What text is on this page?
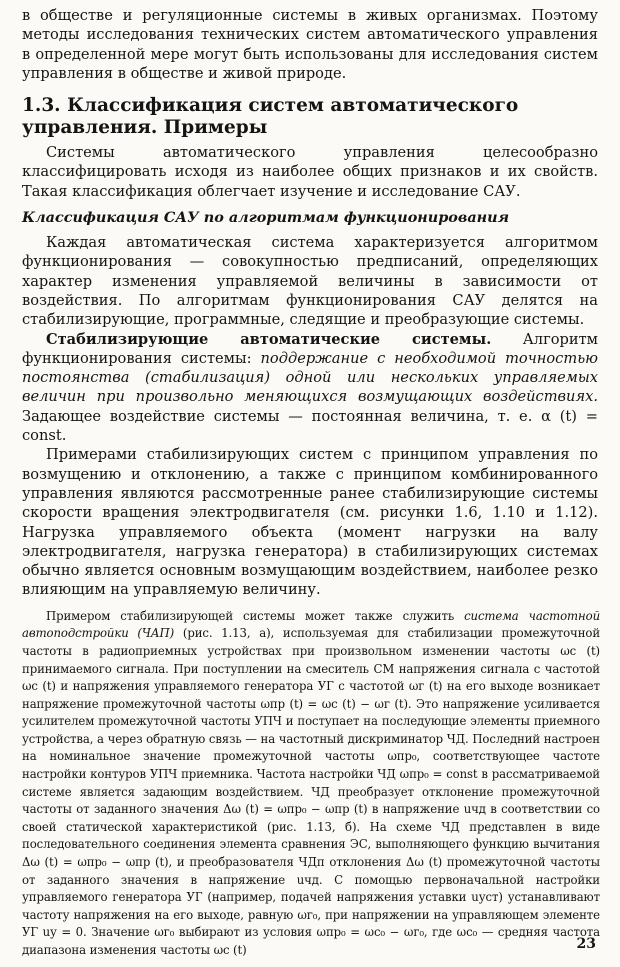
в обществе и регуляционные системы в живых организмах. Поэтому методы исследования технических систем автоматического управления в определенной мере могут быть использованы для исследования систем управления в обществе и живой природе.

1.3. Классификация систем автоматического управления. Примеры

Системы автоматического управления целесообразно классифицировать исходя из наиболее общих признаков и их свойств. Такая классификация облегчает изучение и исследование САУ.

Классификация САУ по алгоритмам функционирования

Каждая автоматическая система характеризуется алгоритмом функционирования — совокупностью предписаний, определяющих характер изменения управляемой величины в зависимости от воздействия. По алгоритмам функционирования САУ делятся на стабилизирующие, программные, следящие и преобразующие системы.

Стабилизирующие автоматические системы. Алгоритм функционирования системы: поддержание с необходимой точностью постоянства (стабилизация) одной или нескольких управляемых величин при произвольно меняющихся возмущающих воздействиях. Задающее воздействие системы — постоянная величина, т. е. α (t) = const.

Примерами стабилизирующих систем с принципом управления по возмущению и отклонению, а также с принципом комбинированного управления являются рассмотренные ранее стабилизирующие системы скорости вращения электродвигателя (см. рисунки 1.6, 1.10 и 1.12). Нагрузка управляемого объекта (момент нагрузки на валу электродвигателя, нагрузка генератора) в стабилизирующих системах обычно является основным возмущающим воздействием, наиболее резко влияющим на управляемую величину.

Примером стабилизирующей системы может также служить система частотной автоподстройки (ЧАП) (рис. 1.13, а), используемая для стабилизации промежуточной частоты в радиоприемных устройствах при произвольном изменении частоты ωс (t) принимаемого сигнала. При поступлении на смеситель СМ напряжения сигнала с частотой ωс (t) и напряжения управляемого генератора УГ с частотой ωг (t) на его выходе возникает напряжение промежуточной частоты ωпр (t) = ωс (t) − ωг (t). Это напряжение усиливается усилителем промежуточной частоты УПЧ и поступает на последующие элементы приемного устройства, а через обратную связь — на частотный дискриминатор ЧД. Последний настроен на номинальное значение промежуточной частоты ωпр₀, соответствующее частоте настройки контуров УПЧ приемника. Частота настройки ЧД ωпр₀ = const в рассматриваемой системе является задающим воздействием. ЧД преобразует отклонение промежуточной частоты от заданного значения Δω (t) = ωпр₀ − ωпр (t) в напряжение uчд в соответствии со своей статической характеристикой (рис. 1.13, б). На схеме ЧД представлен в виде последовательного соединения элемента сравнения ЭС, выполняющего функцию вычитания Δω (t) = ωпр₀ − ωпр (t), и преобразователя ЧДп отклонения Δω (t) промежуточной частоты от заданного значения в напряжение uчд. С помощью первоначальной настройки управляемого генератора УГ (например, подачей напряжения уставки uуст) устанавливают частоту напряжения на его выходе, равную ωг₀, при напряжении на управляющем элементе УГ uу = 0. Значение ωг₀ выбирают из условия ωпр₀ = ωс₀ − ωг₀, где ωс₀ — средняя частота диапазона изменения частоты ωс (t)	23
